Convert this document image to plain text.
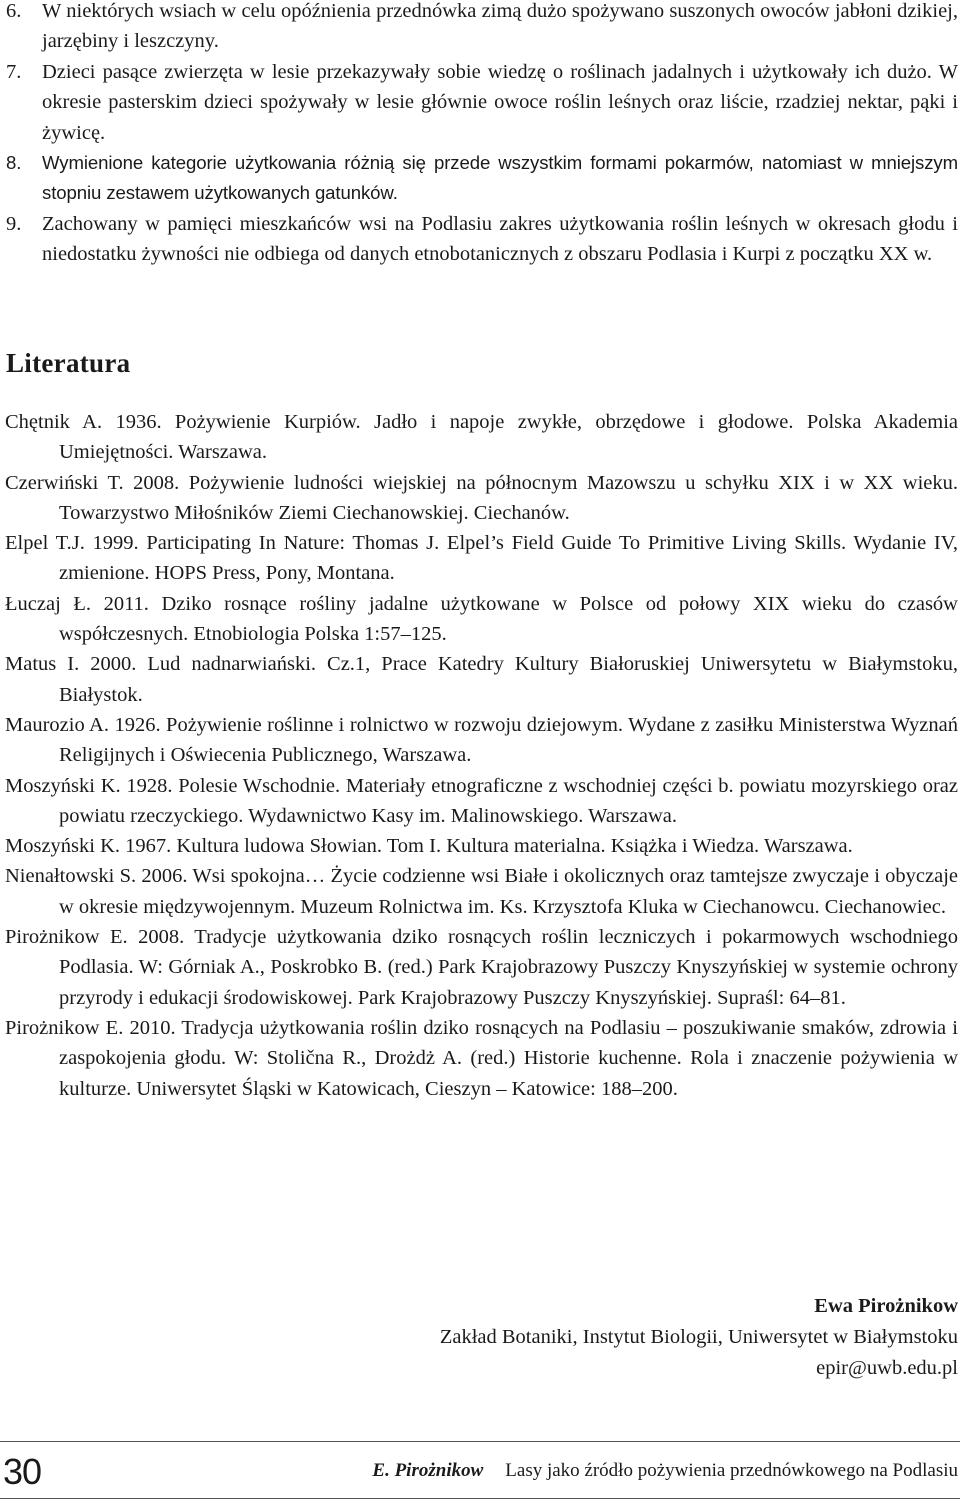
6. W niektórych wsiach w celu opóźnienia przednówka zimą dużo spożywano suszonych owoców jabłoni dzikiej, jarzębiny i leszczyny.
7. Dzieci pasące zwierzęta w lesie przekazywały sobie wiedzę o roślinach jadalnych i użytkowały ich dużo. W okresie pasterskim dzieci spożywały w lesie głównie owoce roślin leśnych oraz liście, rzadziej nektar, pąki i żywicę.
8. Wymienione kategorie użytkowania różnią się przede wszystkim formami pokarmów, natomiast w mniejszym stopniu zestawem użytkowanych gatunków.
9. Zachowany w pamięci mieszkańców wsi na Podlasiu zakres użytkowania roślin leśnych w okresach głodu i niedostatku żywności nie odbiega od danych etnobotanicznych z obszaru Podlasia i Kurpi z początku XX w.
Literatura
Chętnik A. 1936. Pożywienie Kurpiów. Jadło i napoje zwykłe, obrzędowe i głodowe. Polska Akademia Umiejętności. Warszawa.
Czerwiński T. 2008. Pożywienie ludności wiejskiej na północnym Mazowszu u schyłku XIX i w XX wieku. Towarzystwo Miłośników Ziemi Ciechanowskiej. Ciechanów.
Elpel T.J. 1999. Participating In Nature: Thomas J. Elpel’s Field Guide To Primitive Living Skills. Wydanie IV, zmienione. HOPS Press, Pony, Montana.
Łuczaj Ł. 2011. Dziko rosnące rośliny jadalne użytkowane w Polsce od połowy XIX wieku do czasów współczesnych. Etnobiologia Polska 1:57–125.
Matus I. 2000. Lud nadnarwiański. Cz.1, Prace Katedry Kultury Białoruskiej Uniwersytetu w Białymstoku, Białystok.
Maurozio A. 1926. Pożywienie roślinne i rolnictwo w rozwoju dziejowym. Wydane z zasiłku Ministerstwa Wyznań Religijnych i Oświecenia Publicznego, Warszawa.
Moszyński K. 1928. Polesie Wschodnie. Materiały etnograficzne z wschodniej części b. powiatu mozyrskiego oraz powiatu rzeczyckiego. Wydawnictwo Kasy im. Malinowskiego. Warszawa.
Moszyński K. 1967. Kultura ludowa Słowian. Tom I. Kultura materialna. Książka i Wiedza. Warszawa.
Nienałtowski S. 2006. Wsi spokojna… Życie codzienne wsi Białe i okolicznych oraz tamtejsze zwyczaje i obyczaje w okresie międzywojennym. Muzeum Rolnictwa im. Ks. Krzysztofa Kluka w Ciechanowcu. Ciechanowiec.
Pirożnikow E. 2008. Tradycje użytkowania dziko rosnących roślin leczniczych i pokarmowych wschodniego Podlasia. W: Górniak A., Poskrobko B. (red.) Park Krajobrazowy Puszczy Knyszyńskiej w systemie ochrony przyrody i edukacji środowiskowej. Park Krajobrazowy Puszczy Knyszyńskiej. Supraśl: 64–81.
Pirożnikow E. 2010. Tradycja użytkowania roślin dziko rosnących na Podlasiu – poszukiwanie smaków, zdrowia i zaspokojenia głodu. W: Stolična R., Drożdż A. (red.) Historie kuchenne. Rola i znaczenie pożywienia w kulturze. Uniwersytet Śląski w Katowicach, Cieszyn – Katowice: 188–200.
Ewa Pirożnikow
Zakład Botaniki, Instytut Biologii, Uniwersytet w Białymstoku
epir@uwb.edu.pl
30	E. Pirożnikow Lasy jako źródło pożywienia przednówkowego na Podlasiu
